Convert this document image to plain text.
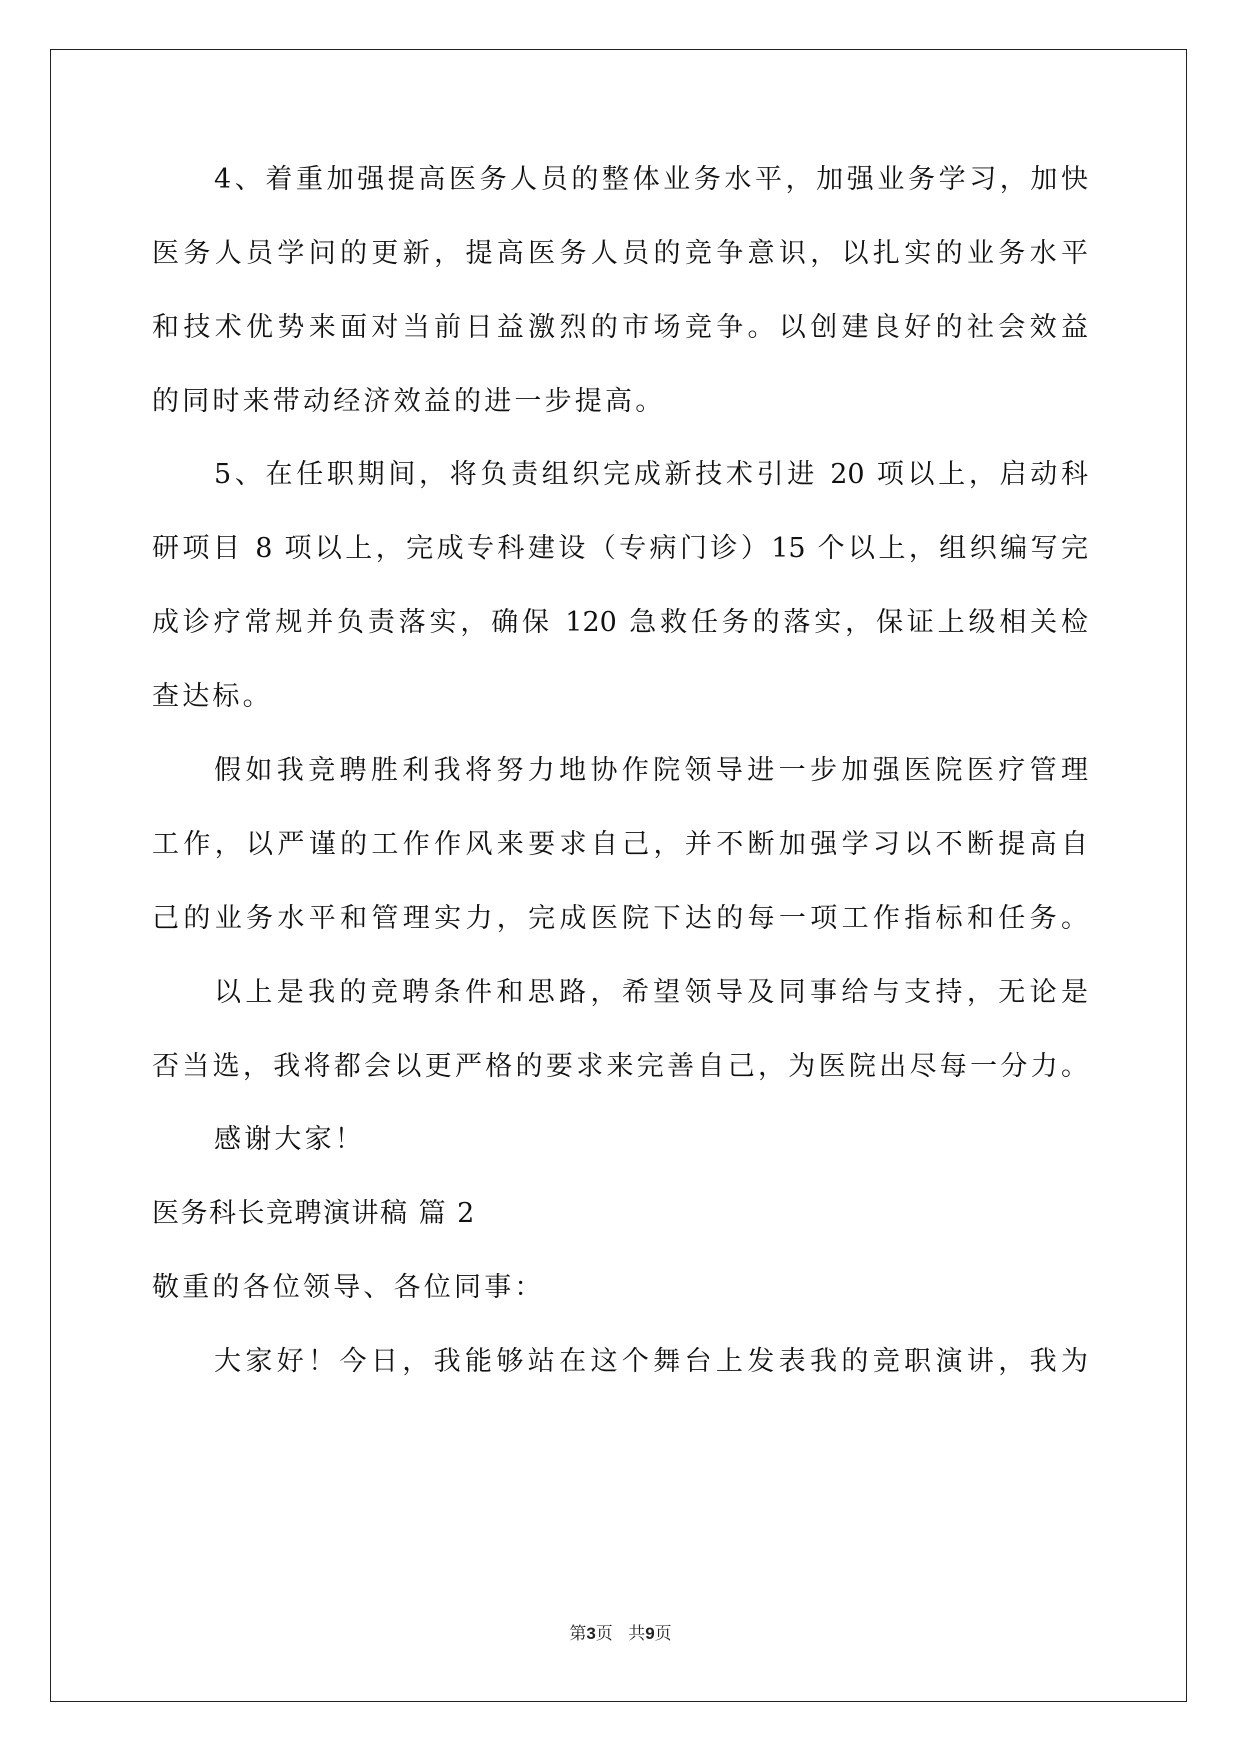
4、着重加强提高医务人员的整体业务水平，加强业务学习，加快
医务人员学问的更新，提高医务人员的竞争意识，以扎实的业务水平
和技术优势来面对当前日益激烈的市场竞争。以创建良好的社会效益
的同时来带动经济效益的进一步提高。
5、在任职期间，将负责组织完成新技术引进 20 项以上，启动科
研项目 8 项以上，完成专科建设（专病门诊）15 个以上，组织编写完
成诊疗常规并负责落实，确保 120 急救任务的落实，保证上级相关检
查达标。
假如我竞聘胜利我将努力地协作院领导进一步加强医院医疗管理
工作，以严谨的工作作风来要求自己，并不断加强学习以不断提高自
己的业务水平和管理实力，完成医院下达的每一项工作指标和任务。
以上是我的竞聘条件和思路，希望领导及同事给与支持，无论是
否当选，我将都会以更严格的要求来完善自己，为医院出尽每一分力。
感谢大家！
医务科长竞聘演讲稿 篇 2
敬重的各位领导、各位同事：
大家好！今日，我能够站在这个舞台上发表我的竞职演讲，我为
第3页 共9页
